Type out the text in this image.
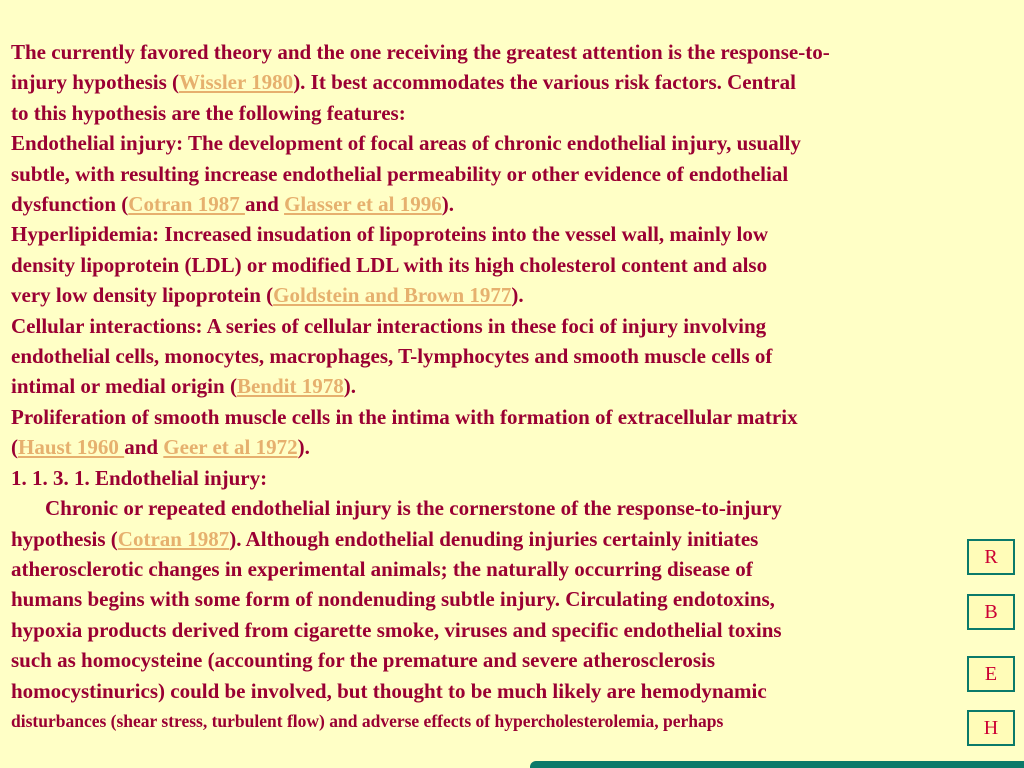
The currently favored theory and the one receiving the greatest attention is the response-to-
injury hypothesis (Wissler 1980). It best accommodates the various risk factors. Central
to this hypothesis are the following features:
Endothelial injury: The development of focal areas of chronic endothelial injury, usually
subtle, with resulting increase endothelial permeability or other evidence of endothelial
dysfunction (Cotran 1987 and Glasser et al 1996).
Hyperlipidemia: Increased insudation of lipoproteins into the vessel wall, mainly low
density lipoprotein (LDL) or modified LDL with its high cholesterol content and also
very low density lipoprotein (Goldstein and Brown 1977).
Cellular interactions: A series of cellular interactions in these foci of injury involving
endothelial cells, monocytes, macrophages, T-lymphocytes and smooth muscle cells of
intimal or medial origin (Bendit 1978).
Proliferation of smooth muscle cells in the intima with formation of extracellular matrix
(Haust 1960 and Geer et al 1972).
1. 1. 3. 1. Endothelial injury:
Chronic or repeated endothelial injury is the cornerstone of the response-to-injury
hypothesis (Cotran 1987). Although endothelial denuding injuries certainly initiates
atherosclerotic changes in experimental animals; the naturally occurring disease of
humans begins with some form of nondenuding subtle injury. Circulating endotoxins,
hypoxia products derived from cigarette smoke, viruses and specific endothelial toxins
such as homocysteine (accounting for the premature and severe atherosclerosis
homocystinurics) could be involved, but thought to be much likely are hemodynamic
disturbances (shear stress, turbulent flow) and adverse effects of hypercholesterolemia, perhaps
R
B
E
H
